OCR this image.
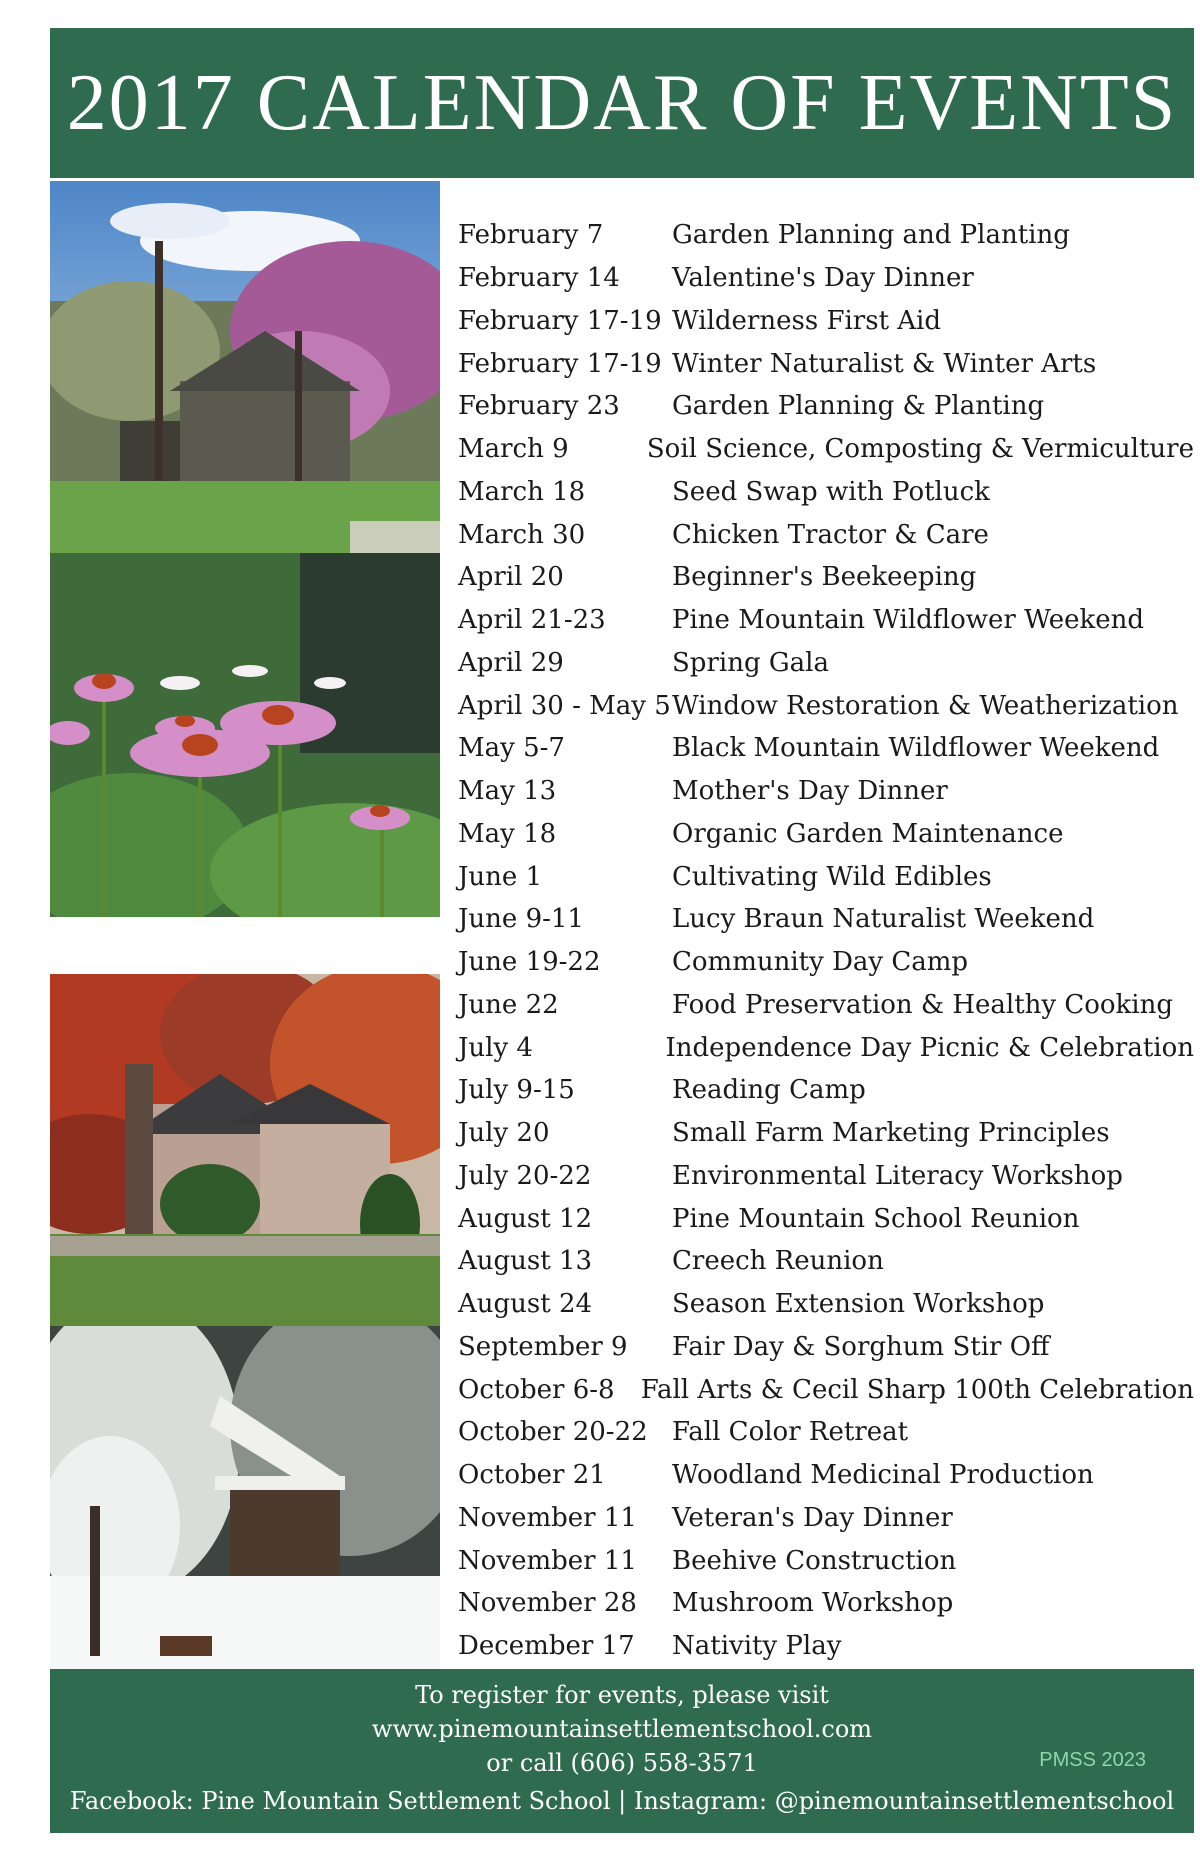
2017 CALENDAR OF EVENTS
February 7	Garden Planning and Planting
February 14	Valentine's Day Dinner
February 17-19 Wilderness First Aid
February 17-19 Winter Naturalist & Winter Arts
February 23	Garden Planning & Planting
March 9	Soil Science, Composting & Vermiculture
March 18	Seed Swap with Potluck
March 30	Chicken Tractor & Care
April 20	Beginner's Beekeeping
April 21-23	Pine Mountain Wildflower Weekend
April 29	Spring Gala
April 30 - May 5 Window Restoration & Weatherization
May 5-7	Black Mountain Wildflower Weekend
May 13	Mother's Day Dinner
May 18	Organic Garden Maintenance
June 1	Cultivating Wild Edibles
June 9-11	Lucy Braun Naturalist Weekend
June 19-22	Community Day Camp
June 22	Food Preservation & Healthy Cooking
July 4	Independence Day Picnic & Celebration
July 9-15	Reading Camp
July 20	Small Farm Marketing Principles
July 20-22	Environmental Literacy Workshop
August 12	Pine Mountain School Reunion
August 13	Creech Reunion
August 24	Season Extension Workshop
September 9	Fair Day & Sorghum Stir Off
October 6-8	Fall Arts & Cecil Sharp 100th Celebration
October 20-22 Fall Color Retreat
October 21	Woodland Medicinal Production
November 11	Veteran's Day Dinner
November 11	Beehive Construction
November 28	Mushroom Workshop
December 17	Nativity Play
To register for events, please visit
www.pinemountainsettlementschool.com
or call (606) 558-3571
Facebook: Pine Mountain Settlement School | Instagram: @pinemountainsettlementschool
PMSS 2023
